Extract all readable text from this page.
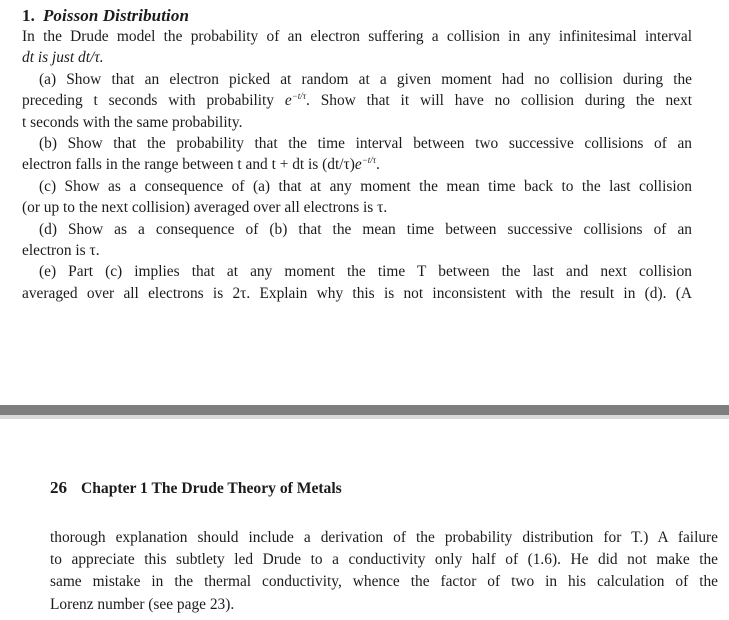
1. Poisson Distribution
In the Drude model the probability of an electron suffering a collision in any infinitesimal interval
dt is just dt/τ.
(a) Show that an electron picked at random at a given moment had no collision during the
preceding t seconds with probability $e^{-t/\tau}$. Show that it will have no collision during the next
t seconds with the same probability.
(b) Show that the probability that the time interval between two successive collisions of an
electron falls in the range between t and t + dt is $(dt/\tau)e^{-t/\tau}$.
(c) Show as a consequence of (a) that at any moment the mean time back to the last collision
(or up to the next collision) averaged over all electrons is τ.
(d) Show as a consequence of (b) that the mean time between successive collisions of an
electron is τ.
(e) Part (c) implies that at any moment the time T between the last and next collision
averaged over all electrons is 2τ. Explain why this is not inconsistent with the result in (d). (A
26 Chapter 1 The Drude Theory of Metals
thorough explanation should include a derivation of the probability distribution for T.) A failure
to appreciate this subtlety led Drude to a conductivity only half of (1.6). He did not make the
same mistake in the thermal conductivity, whence the factor of two in his calculation of the
Lorenz number (see page 23).
